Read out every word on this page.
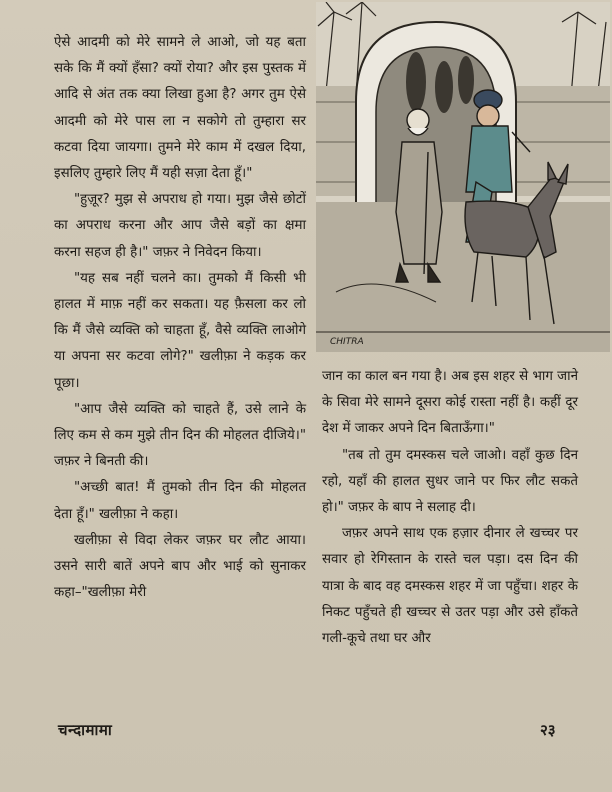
ऐसे आदमी को मेरे सामने ले आओ, जो यह बता सके कि मैं क्यों हँसा? क्यों रोया? और इस पुस्तक में आदि से अंत तक क्या लिखा हुआ है? अगर तुम ऐसे आदमी को मेरे पास ला न सकोगे तो तुम्हारा सर कटवा दिया जायगा। तुमने मेरे काम में दखल दिया, इसलिए तुम्हारे लिए मैं यही सज़ा देता हूँ।"

"हुज़ूर? मुझ से अपराध हो गया। मुझ जैसे छोटों का अपराध करना और आप जैसे बड़ों का क्षमा करना सहज ही है।" जफ़र ने निवेदन किया।

"यह सब नहीं चलने का। तुमको मैं किसी भी हालत में माफ़ नहीं कर सकता। यह फ़ैसला कर लो कि मैं जैसे व्यक्ति को चाहता हूँ, वैसे व्यक्ति लाओगे या अपना सर कटवा लोगे?" खलीफ़ा ने कड़क कर पूछा।

"आप जैसे व्यक्ति को चाहते हैं, उसे लाने के लिए कम से कम मुझे तीन दिन की मोहलत दीजिये।" जफ़र ने बिनती की।

"अच्छी बात! मैं तुमको तीन दिन की मोहलत देता हूँ।" खलीफ़ा ने कहा।

खलीफ़ा से विदा लेकर जफ़र घर लौट आया। उसने सारी बातें अपने बाप और भाई को सुनाकर कहा–"खलीफ़ा मेरी

CHITRA

जान का काल बन गया है। अब इस शहर से भाग जाने के सिवा मेरे सामने दूसरा कोई रास्ता नहीं है। कहीं दूर देश में जाकर अपने दिन बिताऊँगा।"

"तब तो तुम दमस्कस चले जाओ। वहाँ कुछ दिन रहो, यहाँ की हालत सुधर जाने पर फिर लौट सकते हो।" जफ़र के बाप ने सलाह दी।

जफ़र अपने साथ एक हज़ार दीनार ले खच्चर पर सवार हो रेगिस्तान के रास्ते चल पड़ा। दस दिन की यात्रा के बाद वह दमस्कस शहर में जा पहुँचा। शहर के निकट पहुँचते ही खच्चर से उतर पड़ा और उसे हाँकते गली-कूचे तथा घर और

चन्दामामा	२३
